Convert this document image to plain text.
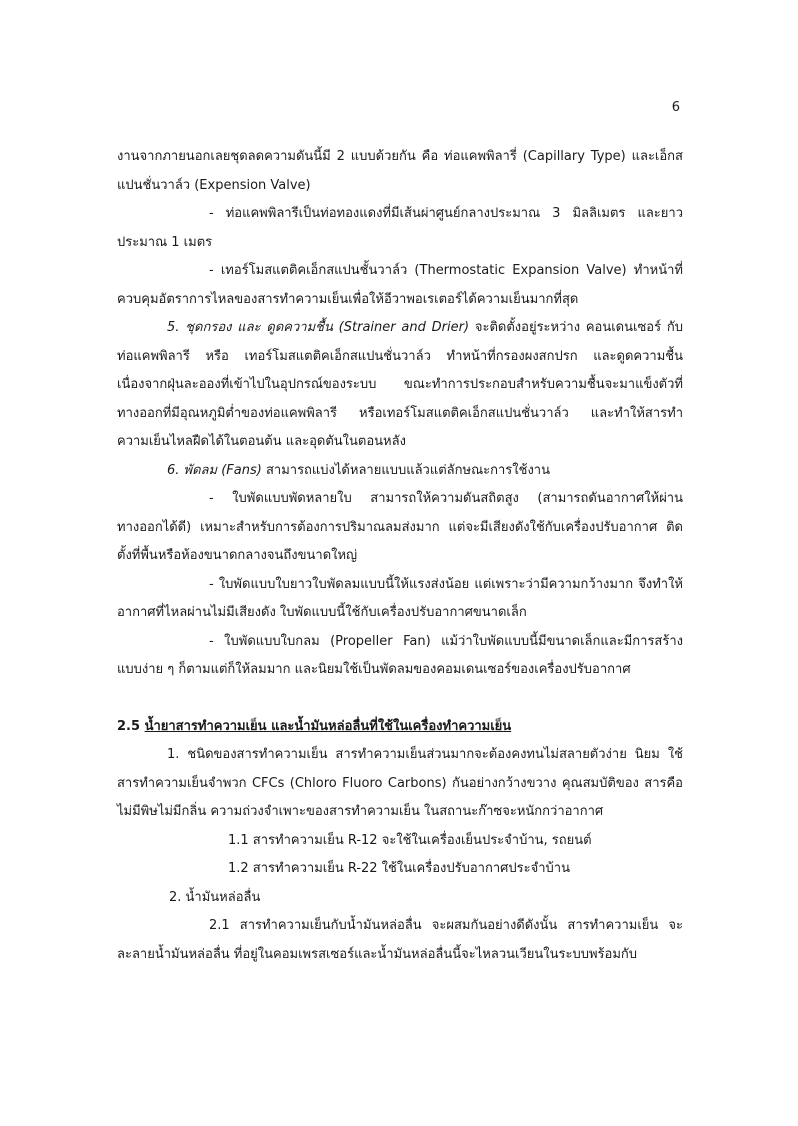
6

งานจากภายนอกเลยชุดลดความดันนี้มี 2 แบบด้วยกัน คือ ท่อแคพพิลารี่ (Capillary Type) และเอ็กสแปนชั่นวาล์ว (Expension Valve)

- ท่อแคพพิลารีเป็นท่อทองแดงที่มีเส้นผ่าศูนย์กลางประมาณ 3 มิลลิเมตร และยาว ประมาณ 1 เมตร

- เทอร์โมสแตติคเอ็กสแปนชั้นวาล์ว (Thermostatic Expansion Valve) ทำหน้าที่ ควบคุมอัตราการไหลของสารทำความเย็นเพื่อให้อีวาพอเรเตอร์ได้ความเย็นมากที่สุด

5. ชุดกรอง และ ดูดความชื้น (Strainer and Drier) จะติดตั้งอยู่ระหว่าง คอนเดนเซอร์ กับ ท่อแคพพิลารี หรือ เทอร์โมสแตติคเอ็กสแปนชั่นวาล์ว ทำหน้าที่กรองผงสกปรก และดูดความชื้น เนื่องจากฝุ่นละอองที่เข้าไปในอุปกรณ์ของระบบ ขณะทำการประกอบสำหรับความชื้นจะมาแข็งตัวที่ ทางออกที่มีอุณหภูมิต่ำของท่อแคพพิลารี หรือเทอร์โมสแตติคเอ็กสแปนชั่นวาล์ว และทำให้สารทำ ความเย็นไหลฝืดได้ในตอนต้น และอุดตันในตอนหลัง

6. พัดลม (Fans) สามารถแบ่งได้หลายแบบแล้วแต่ลักษณะการใช้งาน

- ใบพัดแบบพัดหลายใบ สามารถให้ความดันสถิตสูง (สามารถดันอากาศให้ผ่าน ทางออกได้ดี) เหมาะสำหรับการต้องการปริมาณลมส่งมาก แต่จะมีเสียงดังใช้กับเครื่องปรับอากาศ ติดตั้งที่พื้นหรือห้องขนาดกลางจนถึงขนาดใหญ่

- ใบพัดแบบใบยาวใบพัดลมแบบนี้ให้แรงส่งน้อย แต่เพราะว่ามีความกว้างมาก จึงทำให้อากาศที่ไหลผ่านไม่มีเสียงดัง ใบพัดแบบนี้ใช้กับเครื่องปรับอากาศขนาดเล็ก

- ใบพัดแบบใบกลม (Propeller Fan) แม้ว่าใบพัดแบบนี้มีขนาดเล็กและมีการสร้าง แบบง่าย ๆ ก็ตามแต่ก็ให้ลมมาก และนิยมใช้เป็นพัดลมของคอมเดนเซอร์ของเครื่องปรับอากาศ

2.5 น้ำยาสารทำความเย็น และน้ำมันหล่อลื่นที่ใช้ในเครื่องทำความเย็น

1. ชนิดของสารทำความเย็น สารทำความเย็นส่วนมากจะต้องคงทนไม่สลายตัวง่าย นิยม ใช้สารทำความเย็นจำพวก CFCs (Chloro Fluoro Carbons) กันอย่างกว้างขวาง คุณสมบัติของ สารคือไม่มีพิษไม่มีกลิ่น ความถ่วงจำเพาะของสารทำความเย็น ในสถานะก๊าซจะหนักกว่าอากาศ

1.1 สารทำความเย็น R-12 จะใช้ในเครื่องเย็นประจำบ้าน, รถยนต์

1.2 สารทำความเย็น R-22 ใช้ในเครื่องปรับอากาศประจำบ้าน

2. น้ำมันหล่อลื่น

2.1 สารทำความเย็นกับน้ำมันหล่อลื่น จะผสมกันอย่างดีดังนั้น สารทำความเย็น จะละลายน้ำมันหล่อลื่น ที่อยู่ในคอมเพรสเซอร์และน้ำมันหล่อลื่นนี้จะไหลวนเวียนในระบบพร้อมกับ
